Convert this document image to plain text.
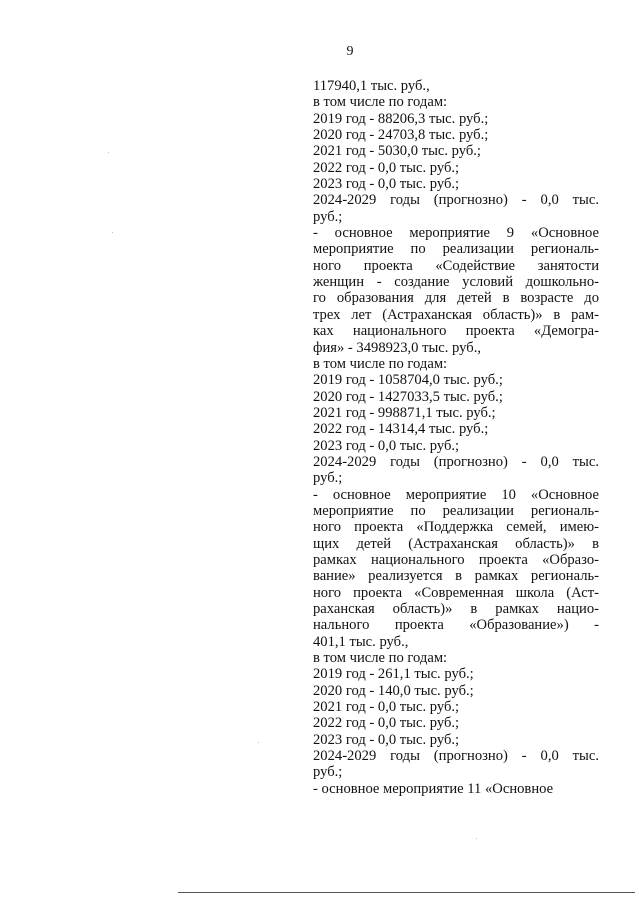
9
117940,1 тыс. руб.,
в том числе по годам:
2019 год - 88206,3 тыс. руб.;
2020 год - 24703,8 тыс. руб.;
2021 год - 5030,0 тыс. руб.;
2022 год - 0,0 тыс. руб.;
2023 год - 0,0 тыс. руб.;
2024-2029 годы (прогнозно) - 0,0 тыс.
руб.;
- основное мероприятие 9 «Основное
мероприятие по реализации региональ-
ного проекта «Содействие занятости
женщин - создание условий дошкольно-
го образования для детей в возрасте до
трех лет (Астраханская область)» в рам-
ках национального проекта «Демогра-
фия» - 3498923,0 тыс. руб.,
в том числе по годам:
2019 год - 1058704,0 тыс. руб.;
2020 год - 1427033,5 тыс. руб.;
2021 год - 998871,1 тыс. руб.;
2022 год - 14314,4 тыс. руб.;
2023 год - 0,0 тыс. руб.;
2024-2029 годы (прогнозно) - 0,0 тыс.
руб.;
- основное мероприятие 10 «Основное
мероприятие по реализации региональ-
ного проекта «Поддержка семей, имею-
щих детей (Астраханская область)» в
рамках национального проекта «Образо-
вание» реализуется в рамках региональ-
ного проекта «Современная школа (Аст-
раханская область)» в рамках нацио-
нального проекта «Образование») -
401,1 тыс. руб.,
в том числе по годам:
2019 год - 261,1 тыс. руб.;
2020 год - 140,0 тыс. руб.;
2021 год - 0,0 тыс. руб.;
2022 год - 0,0 тыс. руб.;
2023 год - 0,0 тыс. руб.;
2024-2029 годы (прогнозно) - 0,0 тыс.
руб.;
- основное мероприятие 11 «Основное
